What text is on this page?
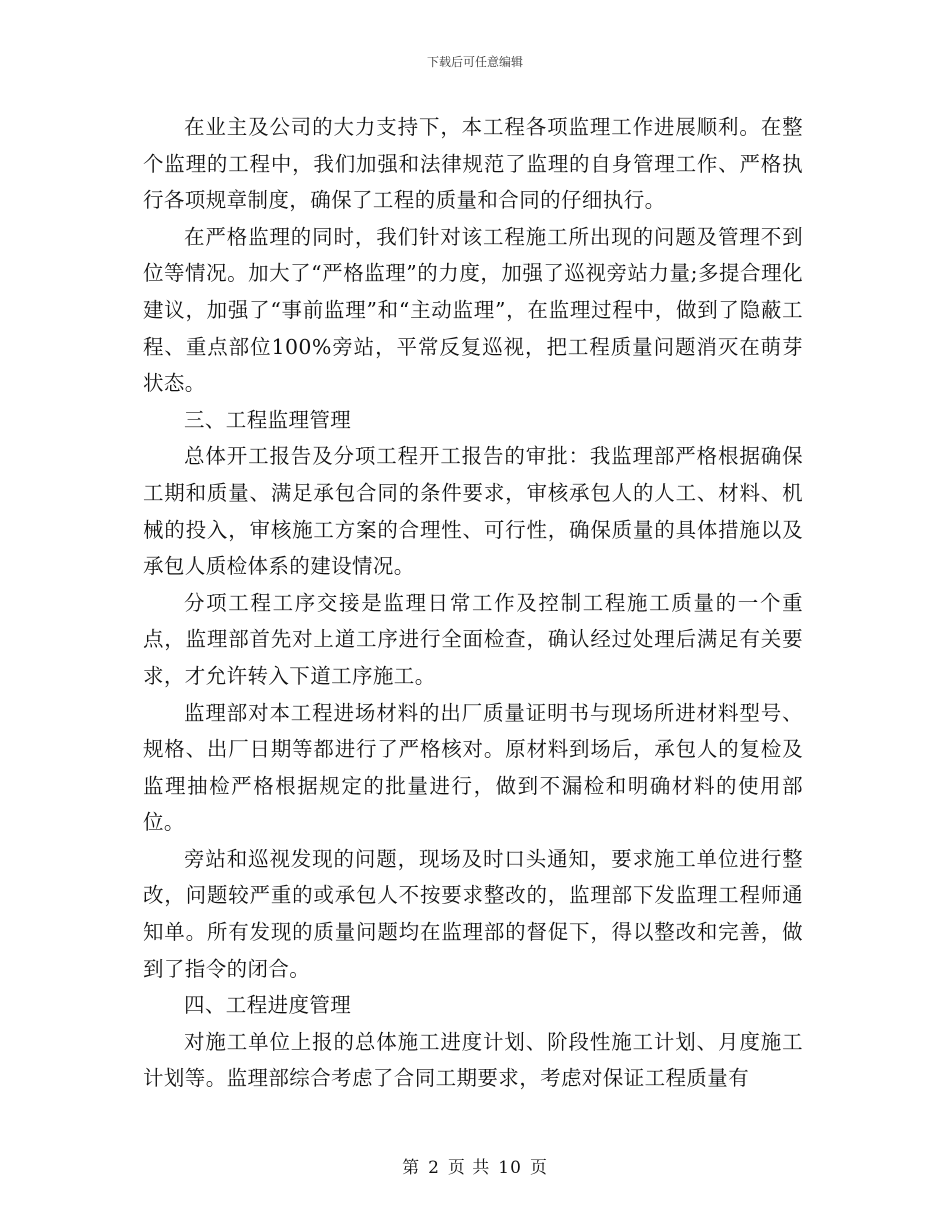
下载后可任意编辑

在业主及公司的大力支持下，本工程各项监理工作进展顺利。在整个监理的工程中，我们加强和法律规范了监理的自身管理工作、严格执行各项规章制度，确保了工程的质量和合同的仔细执行。

在严格监理的同时，我们针对该工程施工所出现的问题及管理不到位等情况。加大了“严格监理”的力度，加强了巡视旁站力量;多提合理化建议，加强了“事前监理”和“主动监理”，在监理过程中，做到了隐蔽工程、重点部位100%旁站，平常反复巡视，把工程质量问题消灭在萌芽状态。

三、工程监理管理

总体开工报告及分项工程开工报告的审批：我监理部严格根据确保工期和质量、满足承包合同的条件要求，审核承包人的人工、材料、机械的投入，审核施工方案的合理性、可行性，确保质量的具体措施以及承包人质检体系的建设情况。

分项工程工序交接是监理日常工作及控制工程施工质量的一个重点，监理部首先对上道工序进行全面检查，确认经过处理后满足有关要求，才允许转入下道工序施工。

监理部对本工程进场材料的出厂质量证明书与现场所进材料型号、规格、出厂日期等都进行了严格核对。原材料到场后，承包人的复检及监理抽检严格根据规定的批量进行，做到不漏检和明确材料的使用部位。

旁站和巡视发现的问题，现场及时口头通知，要求施工单位进行整改，问题较严重的或承包人不按要求整改的，监理部下发监理工程师通知单。所有发现的质量问题均在监理部的督促下，得以整改和完善，做到了指令的闭合。

四、工程进度管理

对施工单位上报的总体施工进度计划、阶段性施工计划、月度施工计划等。监理部综合考虑了合同工期要求，考虑对保证工程质量有

第 2 页 共 10 页
